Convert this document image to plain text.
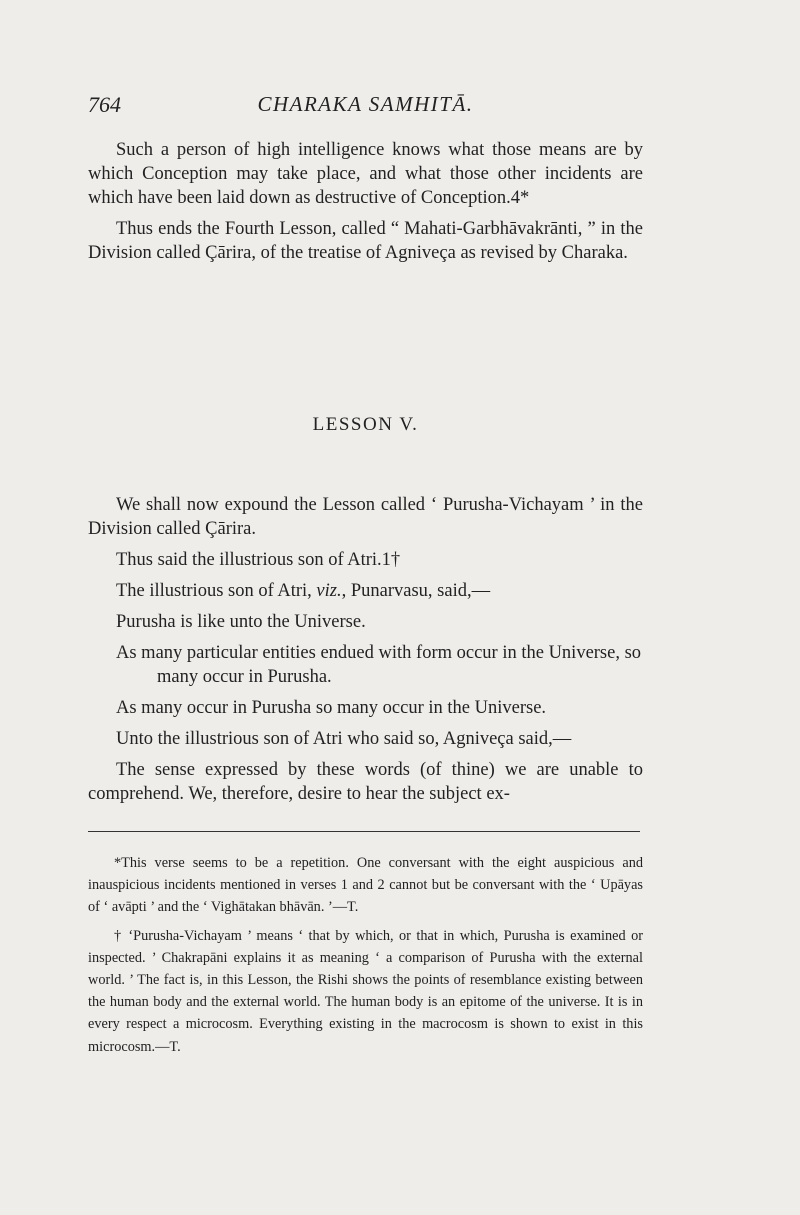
764	CHARAKA SAMHITĀ.

Such a person of high intelligence knows what those means are by which Conception may take place, and what those other incidents are which have been laid down as destructive of Conception.4*

Thus ends the Fourth Lesson, called “ Mahati-Garbhāvakrānti, ” in the Division called Çārira, of the treatise of Agniveça as revised by Charaka.

LESSON V.

We shall now expound the Lesson called ‘ Purusha-Vichayam ’ in the Division called Çārira.

Thus said the illustrious son of Atri.1†

The illustrious son of Atri, viz., Punarvasu, said,—

Purusha is like unto the Universe.

As many particular entities endued with form occur in the Universe, so many occur in Purusha.

As many occur in Purusha so many occur in the Universe.

Unto the illustrious son of Atri who said so, Agniveça said,—

The sense expressed by these words (of thine) we are unable to comprehend. We, therefore, desire to hear the subject ex-

*This verse seems to be a repetition. One conversant with the eight auspicious and inauspicious incidents mentioned in verses 1 and 2 cannot but be conversant with the ‘ Upāyas of ‘ avāpti ’ and the ‘ Vighātakan bhāvān. ’—T.

† ‘Purusha-Vichayam ’ means ‘ that by which, or that in which, Purusha is examined or inspected. ’ Chakrapāni explains it as meaning ‘ a comparison of Purusha with the external world. ’ The fact is, in this Lesson, the Rishi shows the points of resemblance existing between the human body and the external world. The human body is an epitome of the universe. It is in every respect a microcosm. Everything existing in the macrocosm is shown to exist in this microcosm.—T.
